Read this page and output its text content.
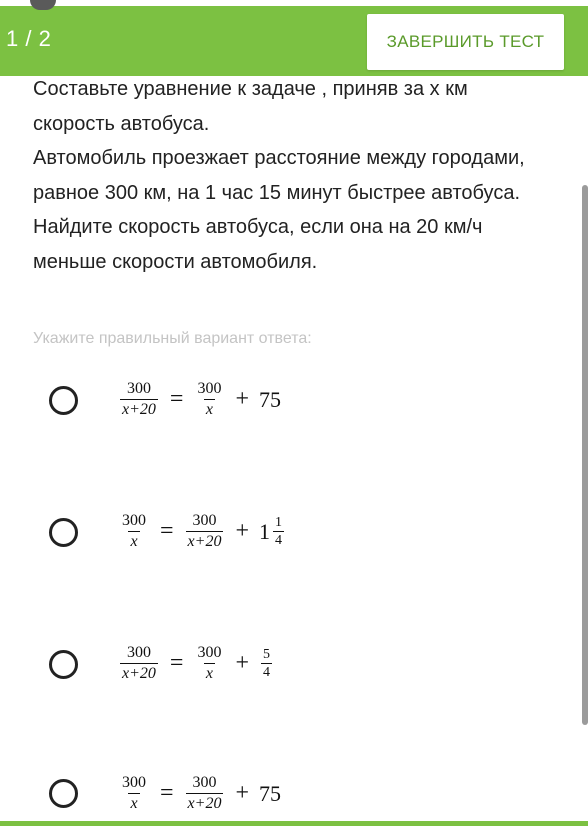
1 / 2	ЗАВЕРШИТЬ ТЕСТ

Составьте уравнение к задаче , приняв за х км скорость автобуса.

Автомобиль проезжает расстояние между городами, равное 300 км, на 1 час 15 минут быстрее автобуса. Найдите скорость автобуса, если она на 20 км/ч меньше скорости автомобиля.

Укажите правильный вариант ответа:
$\frac{300}{x+20} = \frac{300}{x} + 75$
$\frac{300}{x} = \frac{300}{x+20} + 1 \frac{1}{4}$
$\frac{300}{x+20} = \frac{300}{x} + \frac{5}{4}$
$\frac{300}{x} = \frac{300}{x+20} + 75$
